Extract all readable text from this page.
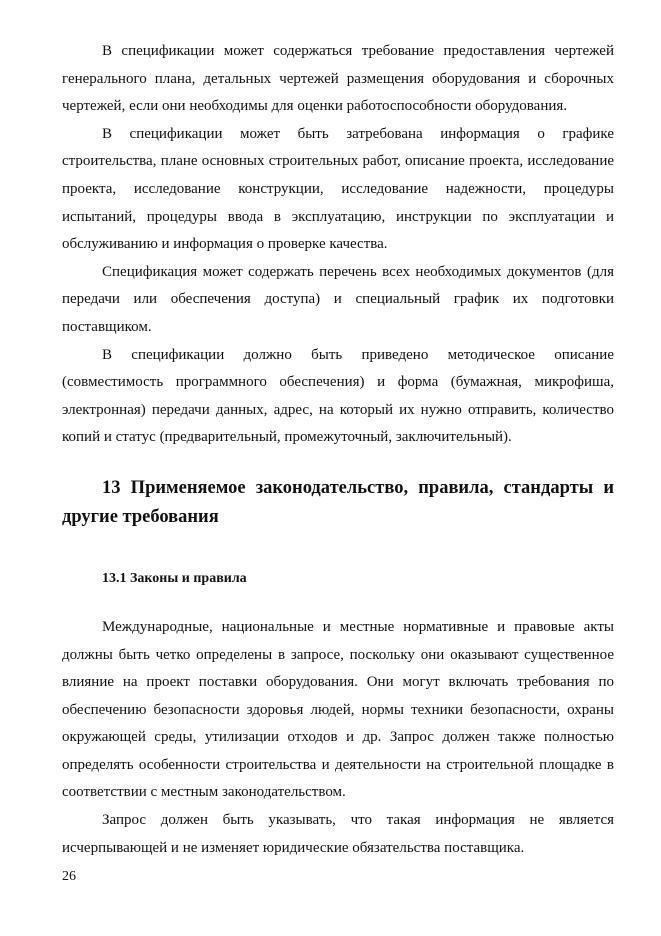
В спецификации может содержаться требование предоставления чертежей генерального плана, детальных чертежей размещения оборудования и сборочных чертежей, если они необходимы для оценки работоспособности оборудования.

В спецификации может быть затребована информация о графике строительства, плане основных строительных работ, описание проекта, исследование проекта, исследование конструкции, исследование надежности, процедуры испытаний, процедуры ввода в эксплуатацию, инструкции по эксплуатации и обслуживанию и информация о проверке качества.

Спецификация может содержать перечень всех необходимых документов (для передачи или обеспечения доступа) и специальный график их подготовки поставщиком.

В спецификации должно быть приведено методическое описание (совместимость программного обеспечения) и форма (бумажная, микрофиша, электронная) передачи данных, адрес, на который их нужно отправить, количество копий и статус (предварительный, промежуточный, заключительный).

13 Применяемое законодательство, правила, стандарты и другие требования
13.1 Законы и правила

Международные, национальные и местные нормативные и правовые акты должны быть четко определены в запросе, поскольку они оказывают существенное влияние на проект поставки оборудования. Они могут включать требования по обеспечению безопасности здоровья людей, нормы техники безопасности, охраны окружающей среды, утилизации отходов и др. Запрос должен также полностью определять особенности строительства и деятельности на строительной площадке в соответствии с местным законодательством.

Запрос должен быть указывать, что такая информация не является исчерпывающей и не изменяет юридические обязательства поставщика.

26
